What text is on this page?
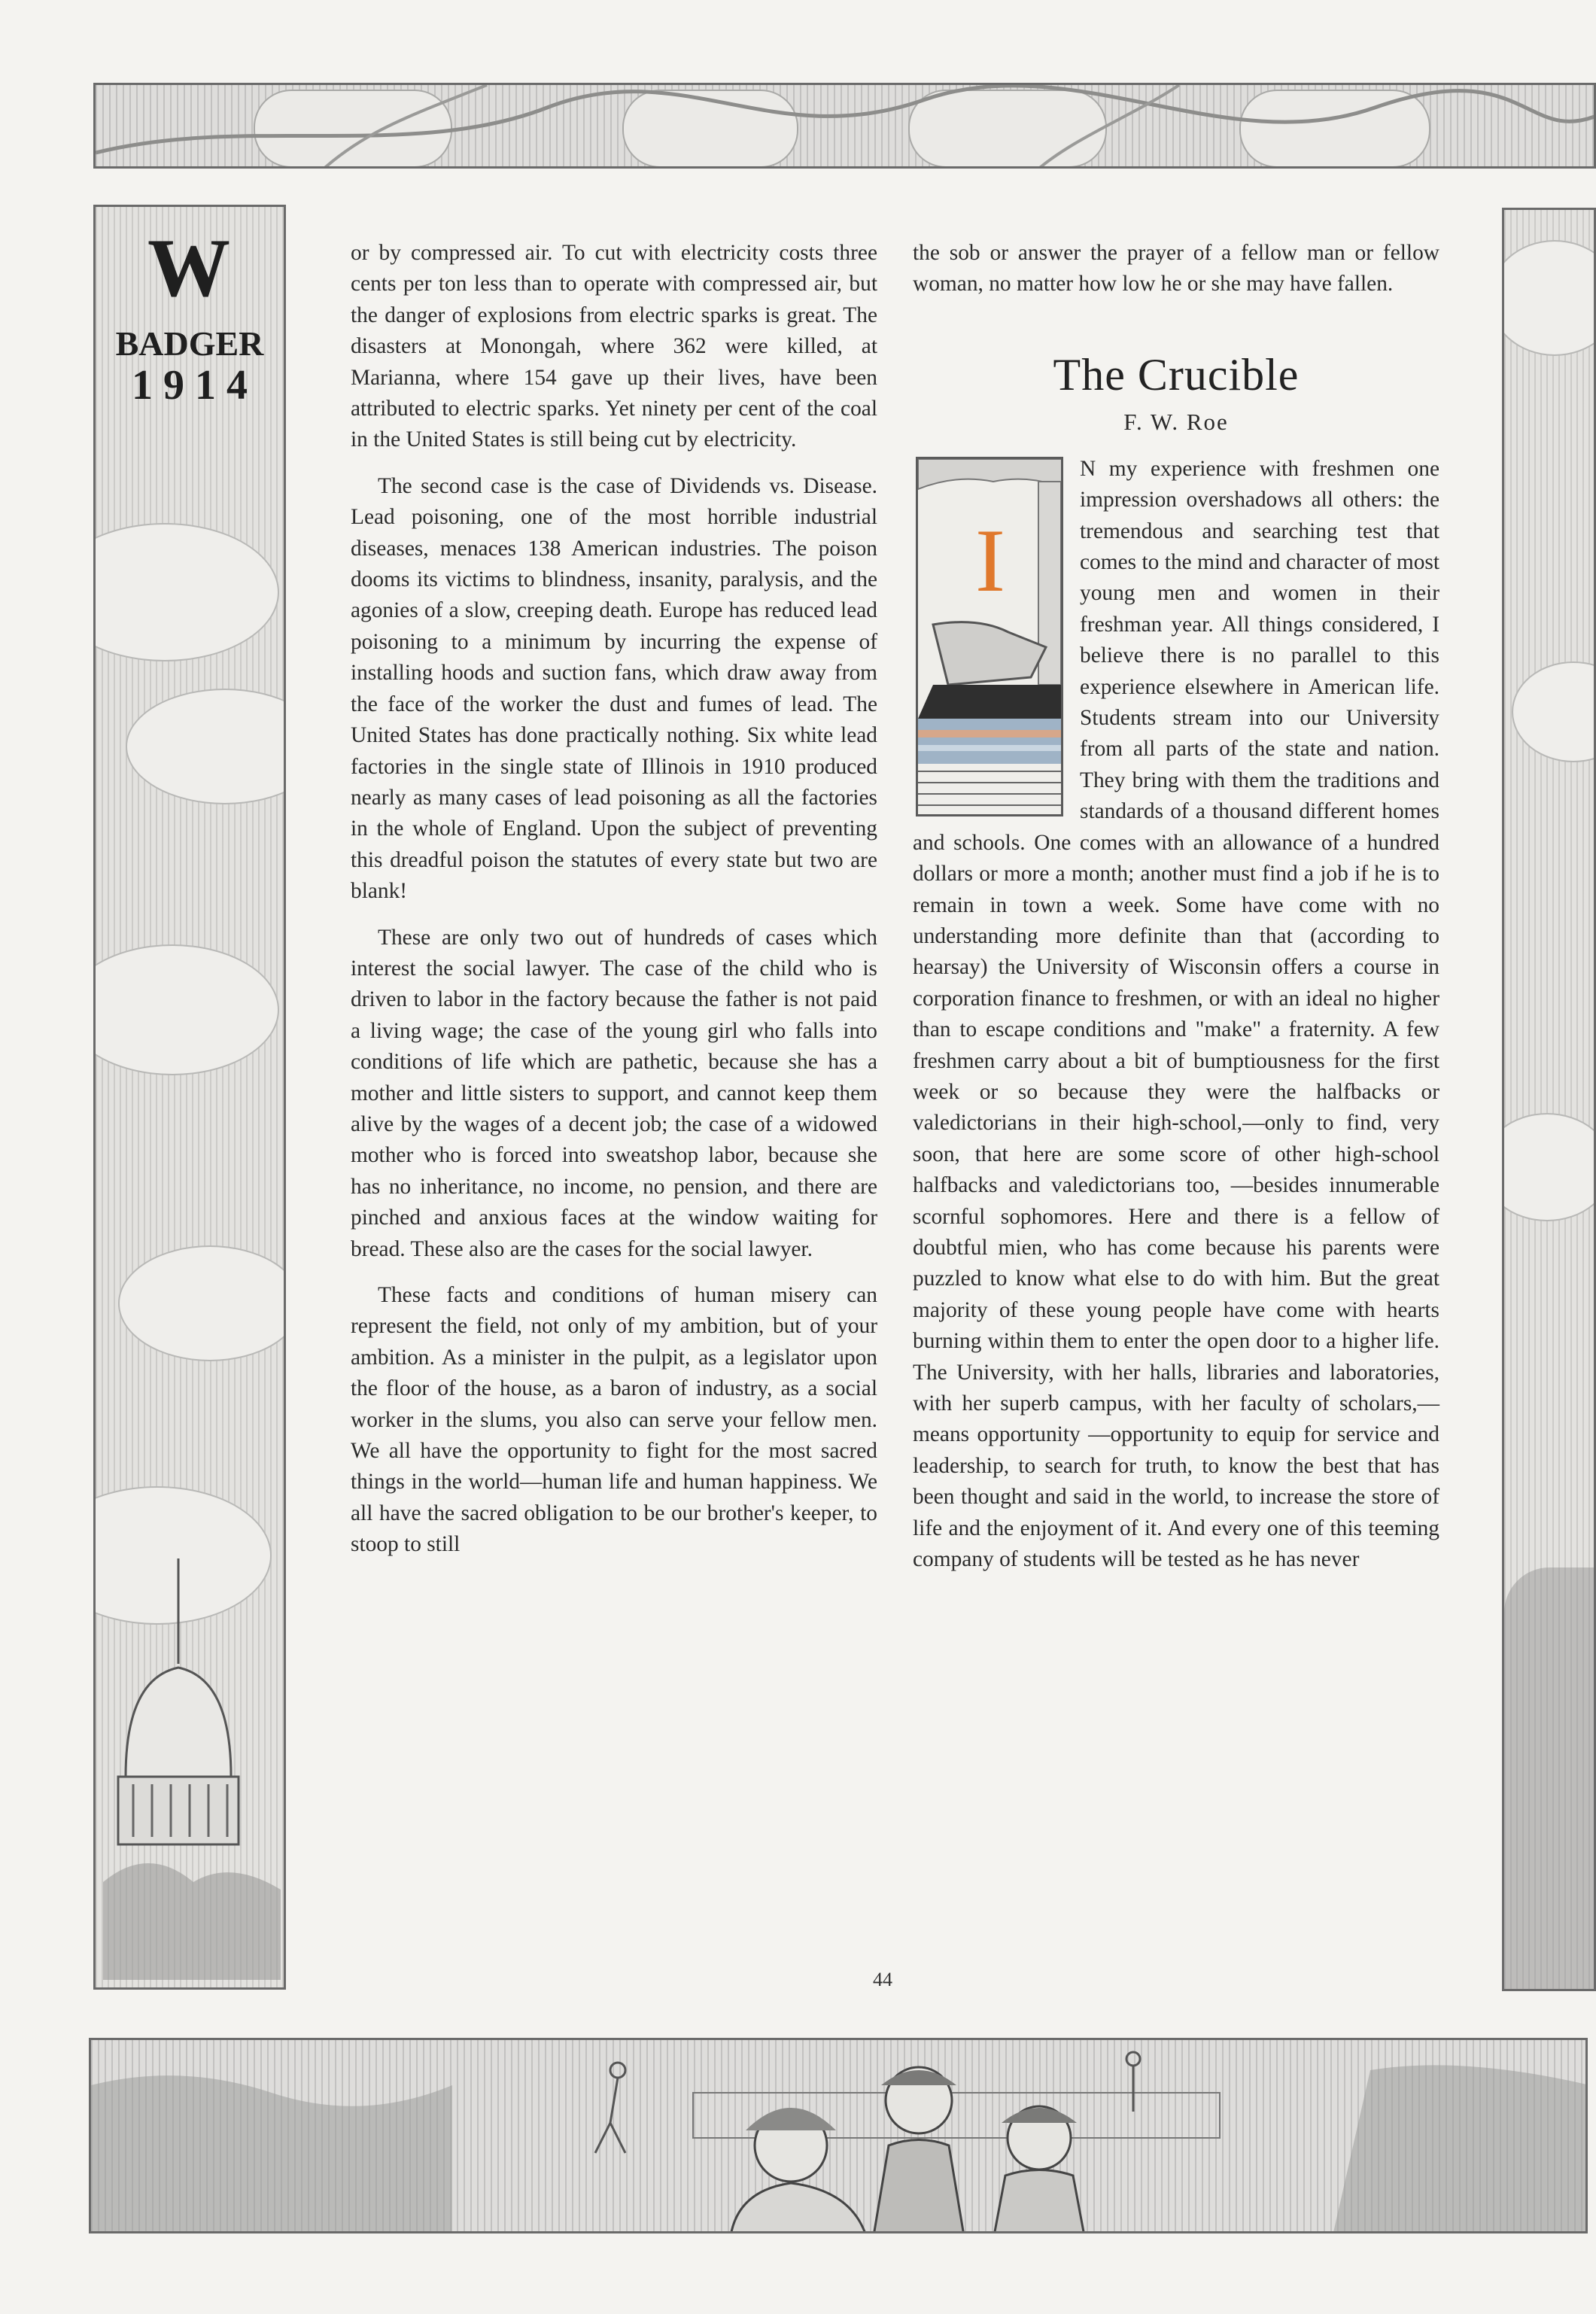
W
BADGER
1914

or by compressed air. To cut with electricity costs three cents per ton less than to operate with compressed air, but the danger of explosions from electric sparks is great. The disasters at Monongah, where 362 were killed, at Marianna, where 154 gave up their lives, have been attributed to electric sparks. Yet ninety per cent of the coal in the United States is still being cut by electricity.

The second case is the case of Dividends vs. Disease. Lead poisoning, one of the most horrible industrial diseases, menaces 138 American industries. The poison dooms its victims to blindness, insanity, paralysis, and the agonies of a slow, creeping death. Europe has reduced lead poisoning to a minimum by incurring the expense of installing hoods and suction fans, which draw away from the face of the worker the dust and fumes of lead. The United States has done practically nothing. Six white lead factories in the single state of Illinois in 1910 produced nearly as many cases of lead poisoning as all the factories in the whole of England. Upon the subject of preventing this dreadful poison the statutes of every state but two are blank!

These are only two out of hundreds of cases which interest the social lawyer. The case of the child who is driven to labor in the factory because the father is not paid a living wage; the case of the young girl who falls into conditions of life which are pathetic, because she has a mother and little sisters to support, and cannot keep them alive by the wages of a decent job; the case of a widowed mother who is forced into sweatshop labor, because she has no inheritance, no income, no pension, and there are pinched and anxious faces at the window waiting for bread. These also are the cases for the social lawyer.

These facts and conditions of human misery can represent the field, not only of my ambition, but of your ambition. As a minister in the pulpit, as a legislator upon the floor of the house, as a baron of industry, as a social worker in the slums, you also can serve your fellow men. We all have the opportunity to fight for the most sacred things in the world—human life and human happiness. We all have the sacred obligation to be our brother's keeper, to stoop to still

the sob or answer the prayer of a fellow man or fellow woman, no matter how low he or she may have fallen.

The Crucible
F. W. Roe
I

N my experience with freshmen one impression overshadows all others: the tremendous and searching test that comes to the mind and character of most young men and women in their freshman year. All things considered, I believe there is no parallel to this experience elsewhere in American life. Students stream into our University from all parts of the state and nation. They bring with them the traditions and standards of a thousand different homes and schools. One comes with an allowance of a hundred dollars or more a month; another must find a job if he is to remain in town a week. Some have come with no understanding more definite than that (according to hearsay) the University of Wisconsin offers a course in corporation finance to freshmen, or with an ideal no higher than to escape conditions and "make" a fraternity. A few freshmen carry about a bit of bumptiousness for the first week or so because they were the halfbacks or valedictorians in their high-school,—only to find, very soon, that here are some score of other high-school halfbacks and valedictorians too, —besides innumerable scornful sophomores. Here and there is a fellow of doubtful mien, who has come because his parents were puzzled to know what else to do with him. But the great majority of these young people have come with hearts burning within them to enter the open door to a higher life. The University, with her halls, libraries and laboratories, with her superb campus, with her faculty of scholars,—means opportunity —opportunity to equip for service and leadership, to search for truth, to know the best that has been thought and said in the world, to increase the store of life and the enjoyment of it. And every one of this teeming company of students will be tested as he has never

44
